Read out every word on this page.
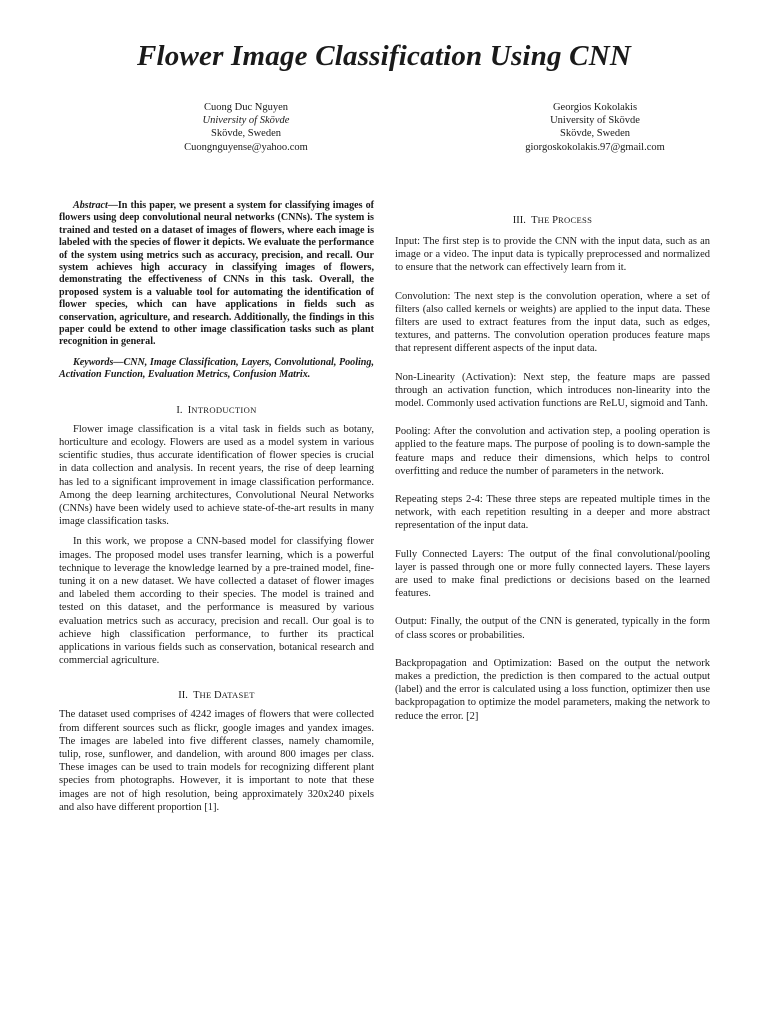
Flower Image Classification Using CNN
Cuong Duc Nguyen
University of Skövde
Skövde, Sweden
Cuongnguyense@yahoo.com
Georgios Kokolakis
University of Skövde
Skövde, Sweden
giorgoskokolakis.97@gmail.com

Abstract—In this paper, we present a system for classifying images of flowers using deep convolutional neural networks (CNNs). The system is trained and tested on a dataset of images of flowers, where each image is labeled with the species of flower it depicts. We evaluate the performance of the system using metrics such as accuracy, precision, and recall. Our system achieves high accuracy in classifying images of flowers, demonstrating the effectiveness of CNNs in this task. Overall, the proposed system is a valuable tool for automating the identification of flower species, which can have applications in fields such as conservation, agriculture, and research. Additionally, the findings in this paper could be extend to other image classification tasks such as plant recognition in general.

Keywords—CNN, Image Classification, Layers, Convolutional, Pooling, Activation Function, Evaluation Metrics, Confusion Matrix.

I. INTRODUCTION

Flower image classification is a vital task in fields such as botany, horticulture and ecology. Flowers are used as a model system in various scientific studies, thus accurate identification of flower species is crucial in data collection and analysis. In recent years, the rise of deep learning has led to a significant improvement in image classification performance. Among the deep learning architectures, Convolutional Neural Networks (CNNs) have been widely used to achieve state-of-the-art results in many image classification tasks.

In this work, we propose a CNN-based model for classifying flower images. The proposed model uses transfer learning, which is a powerful technique to leverage the knowledge learned by a pre-trained model, fine-tuning it on a new dataset. We have collected a dataset of flower images and labeled them according to their species. The model is trained and tested on this dataset, and the performance is measured by various evaluation metrics such as accuracy, precision and recall. Our goal is to achieve high classification performance, to further its practical applications in various fields such as conservation, botanical research and commercial agriculture.

II. THE DATASET

The dataset used comprises of 4242 images of flowers that were collected from different sources such as flickr, google images and yandex images. The images are labeled into five different classes, namely chamomile, tulip, rose, sunflower, and dandelion, with around 800 images per class. These images can be used to train models for recognizing different plant species from photographs. However, it is important to note that these images are not of high resolution, being approximately 320x240 pixels and also have different proportion [1].

III. THE PROCESS

Input: The first step is to provide the CNN with the input data, such as an image or a video. The input data is typically preprocessed and normalized to ensure that the network can effectively learn from it.

Convolution: The next step is the convolution operation, where a set of filters (also called kernels or weights) are applied to the input data. These filters are used to extract features from the input data, such as edges, textures, and patterns. The convolution operation produces feature maps that represent different aspects of the input data.

Non-Linearity (Activation): Next step, the feature maps are passed through an activation function, which introduces non-linearity into the model. Commonly used activation functions are ReLU, sigmoid and Tanh.

Pooling: After the convolution and activation step, a pooling operation is applied to the feature maps. The purpose of pooling is to down-sample the feature maps and reduce their dimensions, which helps to control overfitting and reduce the number of parameters in the network.

Repeating steps 2-4: These three steps are repeated multiple times in the network, with each repetition resulting in a deeper and more abstract representation of the input data.

Fully Connected Layers: The output of the final convolutional/pooling layer is passed through one or more fully connected layers. These layers are used to make final predictions or decisions based on the learned features.

Output: Finally, the output of the CNN is generated, typically in the form of class scores or probabilities.

Backpropagation and Optimization: Based on the output the network makes a prediction, the prediction is then compared to the actual output (label) and the error is calculated using a loss function, optimizer then use backpropagation to optimize the model parameters, making the network to reduce the error. [2]
